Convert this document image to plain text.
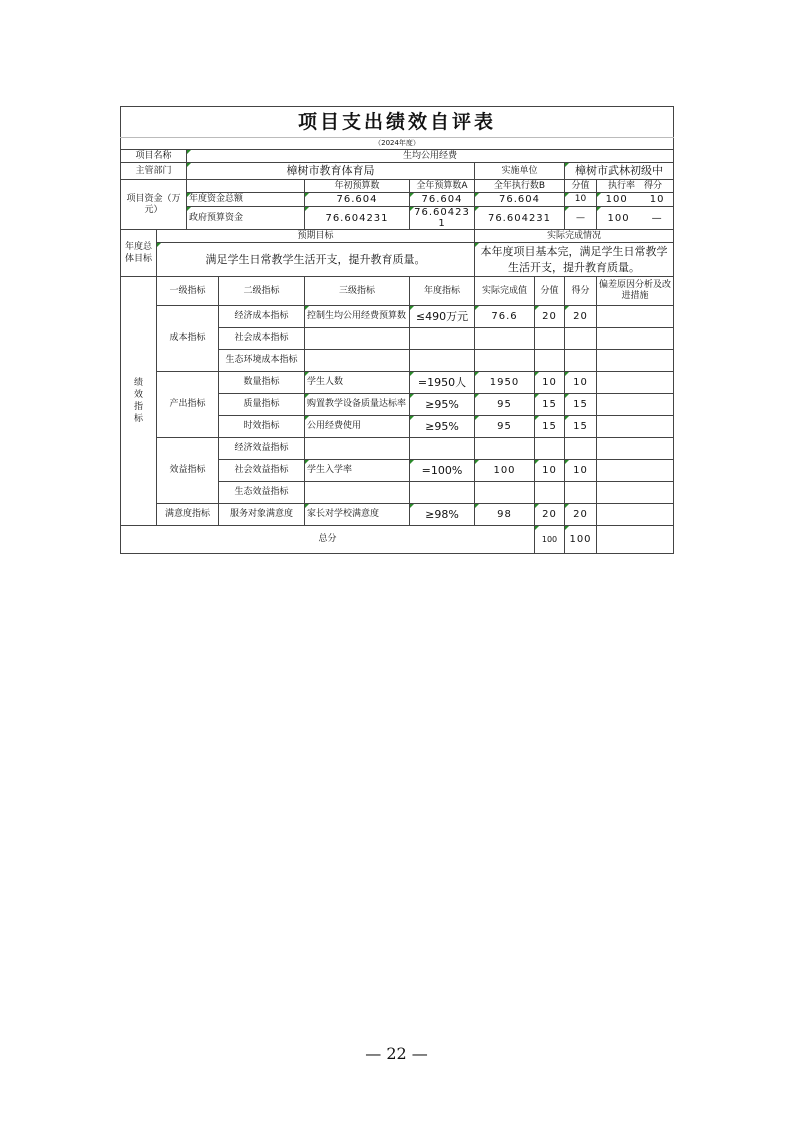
项目支出绩效自评表									
（2024年度）									
项目名称		生均公用经费							
主管部门		樟树市教育体育局				实施单位		樟树市武林初级中	
项目资金（万元）				年初预算数	全年预算数A	全年执行数B		分值	执行率　 得分
		年度资金总额		76.604	76.604	76.604		10	100　　 10
		政府预算资金		76.604231	76.604231	76.604231		—	100　　 —
年度总体目标	预期目标					实际完成情况			
	满足学生日常教学生活开支，提升教育质量。					本年度项目基本完，满足学生日常教学生活开支，提升教育质量。			
绩效指标	一级指标		二级指标	三级指标	年度指标	实际完成值	分值	得分	偏差原因分析及改进措施
	成本指标		经济成本指标	控制生均公用经费预算数	≤490万元	76.6	20	20	
			社会成本指标						
			生态环境成本指标						
	产出指标		数量指标	学生人数	=1950人	1950	10	10	
			质量指标	购置教学设备质量达标率	≥95%	95	15	15	
			时效指标	公用经费使用	≥95%	95	15	15	
	效益指标		经济效益指标						
			社会效益指标	学生入学率	=100%	100	10	10	
			生态效益指标						
	满意度指标		服务对象满意度	家长对学校满意度	≥98%	98	20	20	
总分							100	100	
— 22 —
